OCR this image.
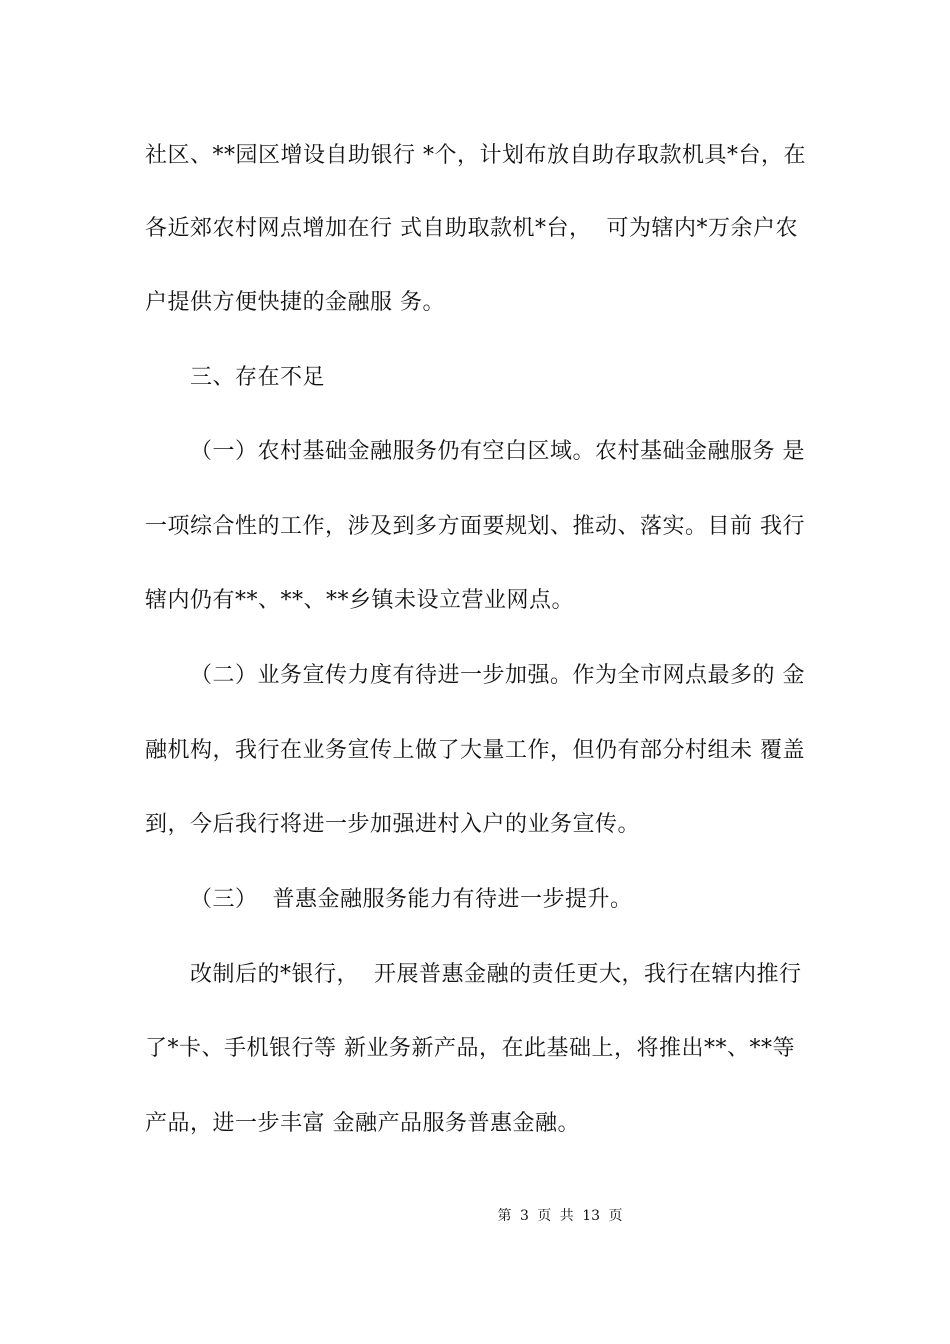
社区、**园区增设自助银行 *个，计划布放自助存取款机具*台，在
各近郊农村网点增加在行 式自助取款机*台，  可为辖内*万余户农
户提供方便快捷的金融服 务。
三、存在不足
（一）农村基础金融服务仍有空白区域。农村基础金融服务 是
一项综合性的工作，涉及到多方面要规划、推动、落实。目前 我行
辖内仍有**、**、**乡镇未设立营业网点。
（二）业务宣传力度有待进一步加强。作为全市网点最多的 金
融机构，我行在业务宣传上做了大量工作，但仍有部分村组未 覆盖
到，今后我行将进一步加强进村入户的业务宣传。
（三）  普惠金融服务能力有待进一步提升。
改制后的*银行，  开展普惠金融的责任更大，我行在辖内推行
了*卡、手机银行等 新业务新产品，在此基础上，将推出**、**等
产品，进一步丰富 金融产品服务普惠金融。
第 3 页 共 13 页
